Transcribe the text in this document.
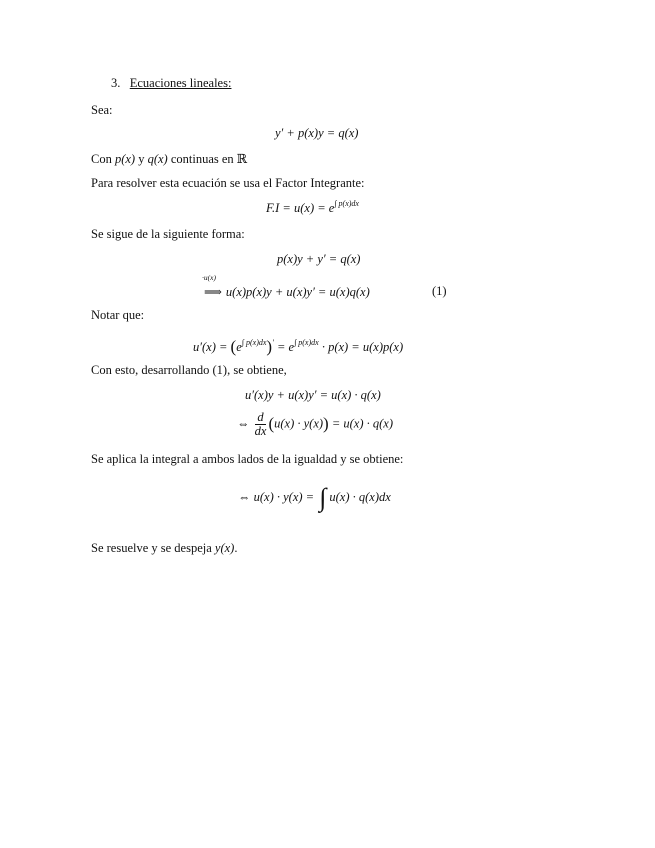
3. Ecuaciones lineales:
Sea:
y′ + p(x)y = q(x)
Con p(x) y q(x) continuas en ℝ
Para resolver esta ecuación se usa el Factor Integrante:
$F.I = u(x) = e^{\int p(x)dx}$
Se sigue de la siguiente forma:
p(x)y + y′ = q(x)
·u(x)
⟹ u(x)p(x)y + u(x)y′ = u(x)q(x)	(1)
Notar que:
$u'(x) = (e^{\int p(x)dx})' = e^{\int p(x)dx} \cdot p(x) = u(x)p(x)$
Con esto, desarrollando (1), se obtiene,
u′(x)y + u(x)y′ = u(x) · q(x)
⇔ $\frac{d}{dx} (u(x) \cdot y(x)) = u(x) \cdot q(x)$
Se aplica la integral a ambos lados de la igualdad y se obtiene:
⇔ u(x) · y(x) = ∫ u(x) · q(x)dx
Se resuelve y se despeja y(x).
